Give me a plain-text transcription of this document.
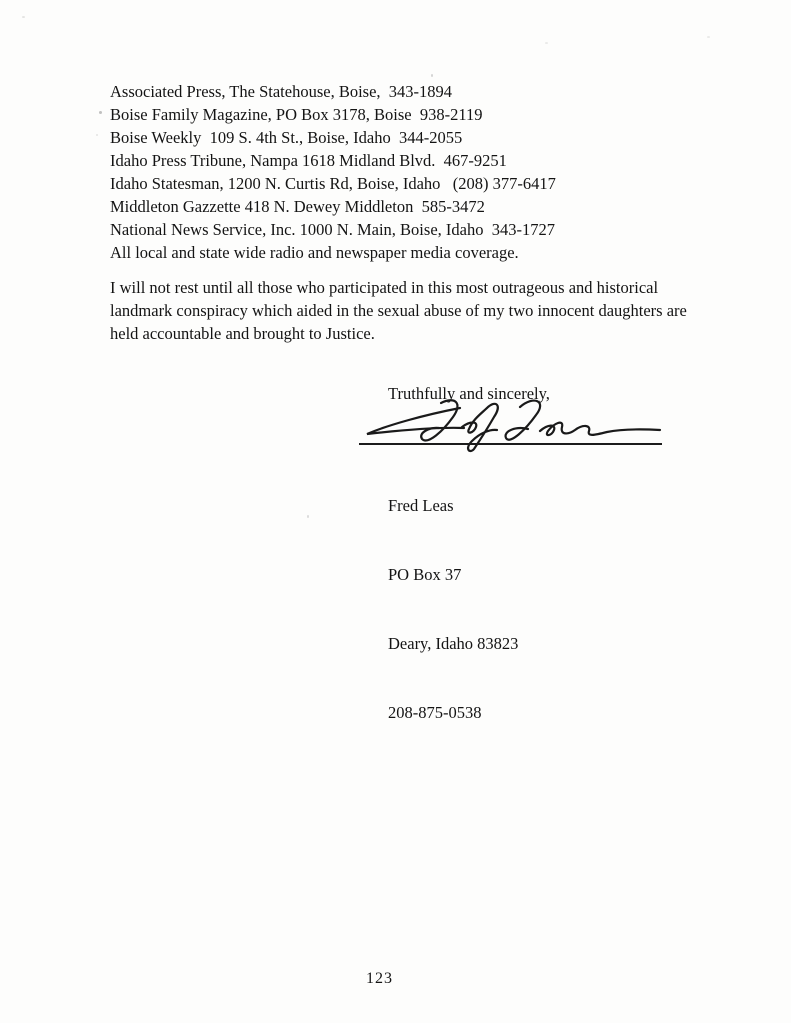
Associated Press, The Statehouse, Boise,  343-1894
Boise Family Magazine, PO Box 3178, Boise  938-2119
Boise Weekly  109 S. 4th St., Boise, Idaho  344-2055
Idaho Press Tribune, Nampa 1618 Midland Blvd.  467-9251
Idaho Statesman, 1200 N. Curtis Rd, Boise, Idaho   (208) 377-6417
Middleton Gazzette 418 N. Dewey Middleton  585-3472
National News Service, Inc. 1000 N. Main, Boise, Idaho  343-1727
All local and state wide radio and newspaper media coverage.
I will not rest until all those who participated in this most outrageous and historical
landmark conspiracy which aided in the sexual abuse of my two innocent daughters are
held accountable and brought to Justice.
Truthfully and sincerely,

Fred Leas

PO Box 37

Deary, Idaho 83823

208-875-0538

123
